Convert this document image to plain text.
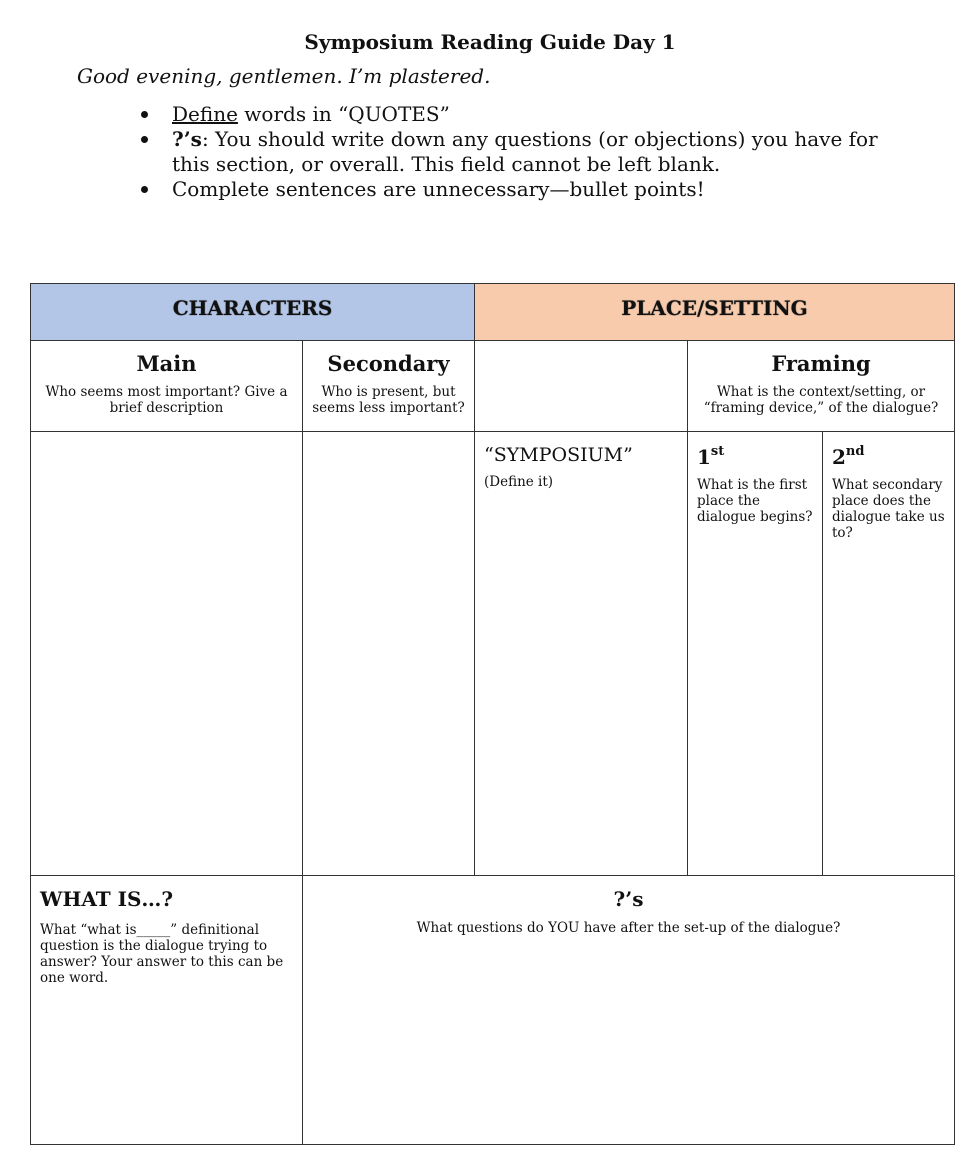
Symposium Reading Guide Day 1
Good evening, gentlemen. I’m plastered.
Define words in “QUOTES”
?’s: You should write down any questions (or objections) you have for this section, or overall. This field cannot be left blank.
Complete sentences are unnecessary—bullet points!
CHARACTERS	PLACE/SETTING
Main
Who seems most important? Give a brief description
Secondary
Who is present, but seems less important?
Framing
What is the context/setting, or “framing device,” of the dialogue?
“SYMPOSIUM”
(Define it)
1st
What is the first place the dialogue begins?
2nd
What secondary place does the dialogue take us to?
WHAT IS…?
What “what is_____” definitional question is the dialogue trying to answer? Your answer to this can be one word.
?’s
What questions do YOU have after the set-up of the dialogue?
